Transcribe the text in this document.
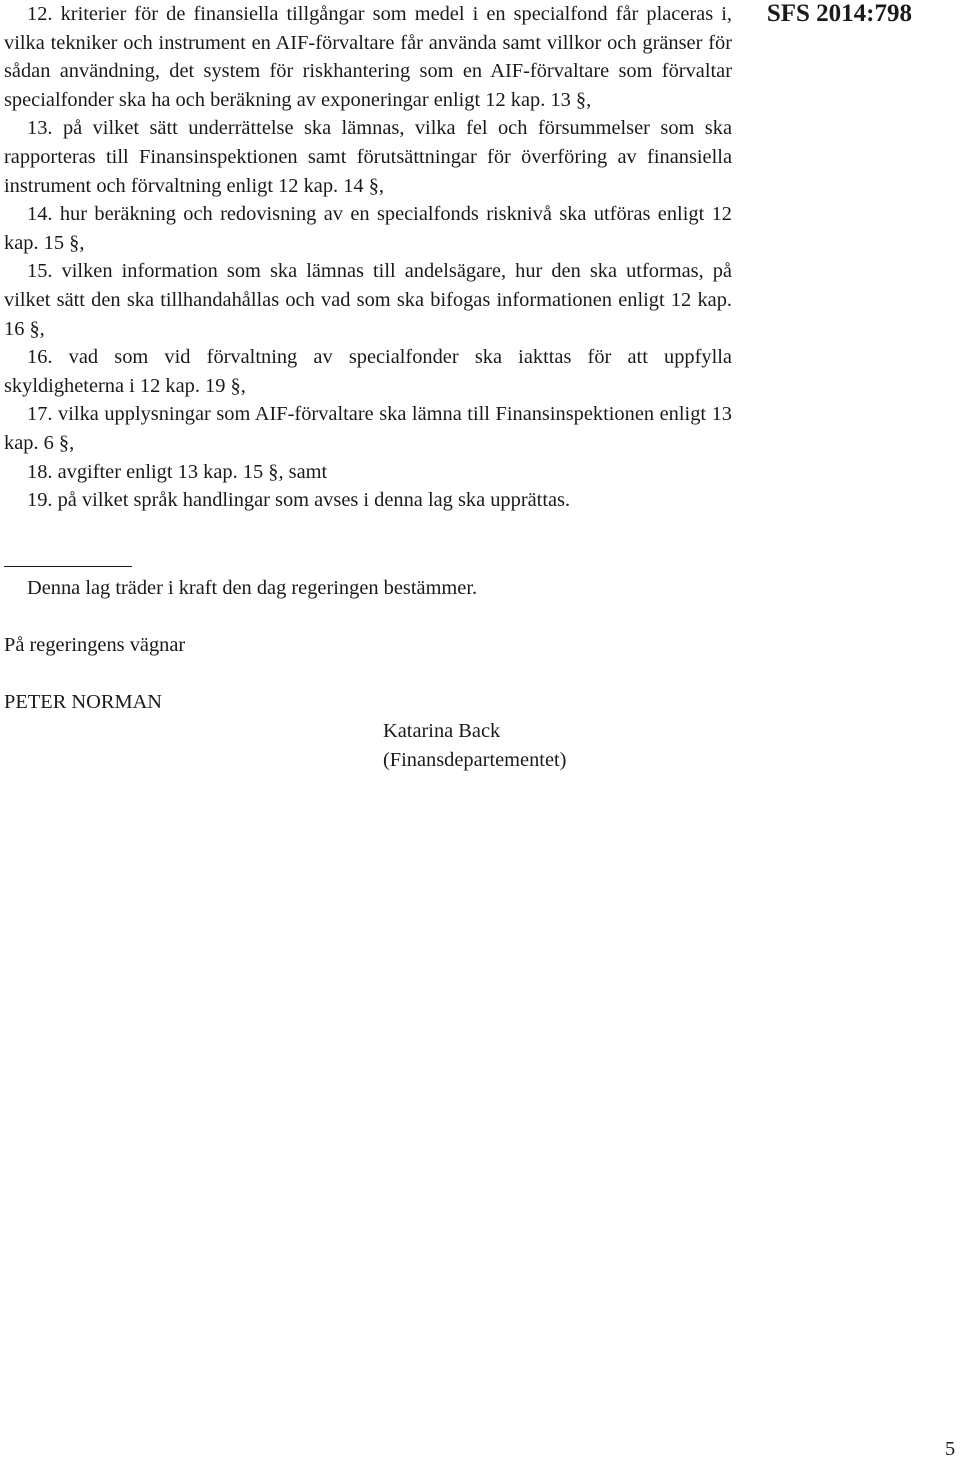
SFS 2014:798

12. kriterier för de finansiella tillgångar som medel i en specialfond får placeras i, vilka tekniker och instrument en AIF-förvaltare får använda samt villkor och gränser för sådan användning, det system för riskhantering som en AIF-förvaltare som förvaltar specialfonder ska ha och beräkning av exponeringar enligt 12 kap. 13 §,

13. på vilket sätt underrättelse ska lämnas, vilka fel och försummelser som ska rapporteras till Finansinspektionen samt förutsättningar för överföring av finansiella instrument och förvaltning enligt 12 kap. 14 §,

14. hur beräkning och redovisning av en specialfonds risknivå ska utföras enligt 12 kap. 15 §,

15. vilken information som ska lämnas till andelsägare, hur den ska utformas, på vilket sätt den ska tillhandahållas och vad som ska bifogas informationen enligt 12 kap. 16 §,

16. vad som vid förvaltning av specialfonder ska iakttas för att uppfylla skyldigheterna i 12 kap. 19 §,

17. vilka upplysningar som AIF-förvaltare ska lämna till Finansinspektionen enligt 13 kap. 6 §,

18. avgifter enligt 13 kap. 15 §, samt

19. på vilket språk handlingar som avses i denna lag ska upprättas.

Denna lag träder i kraft den dag regeringen bestämmer.

På regeringens vägnar

PETER NORMAN

Katarina Back

(Finansdepartementet)

5
